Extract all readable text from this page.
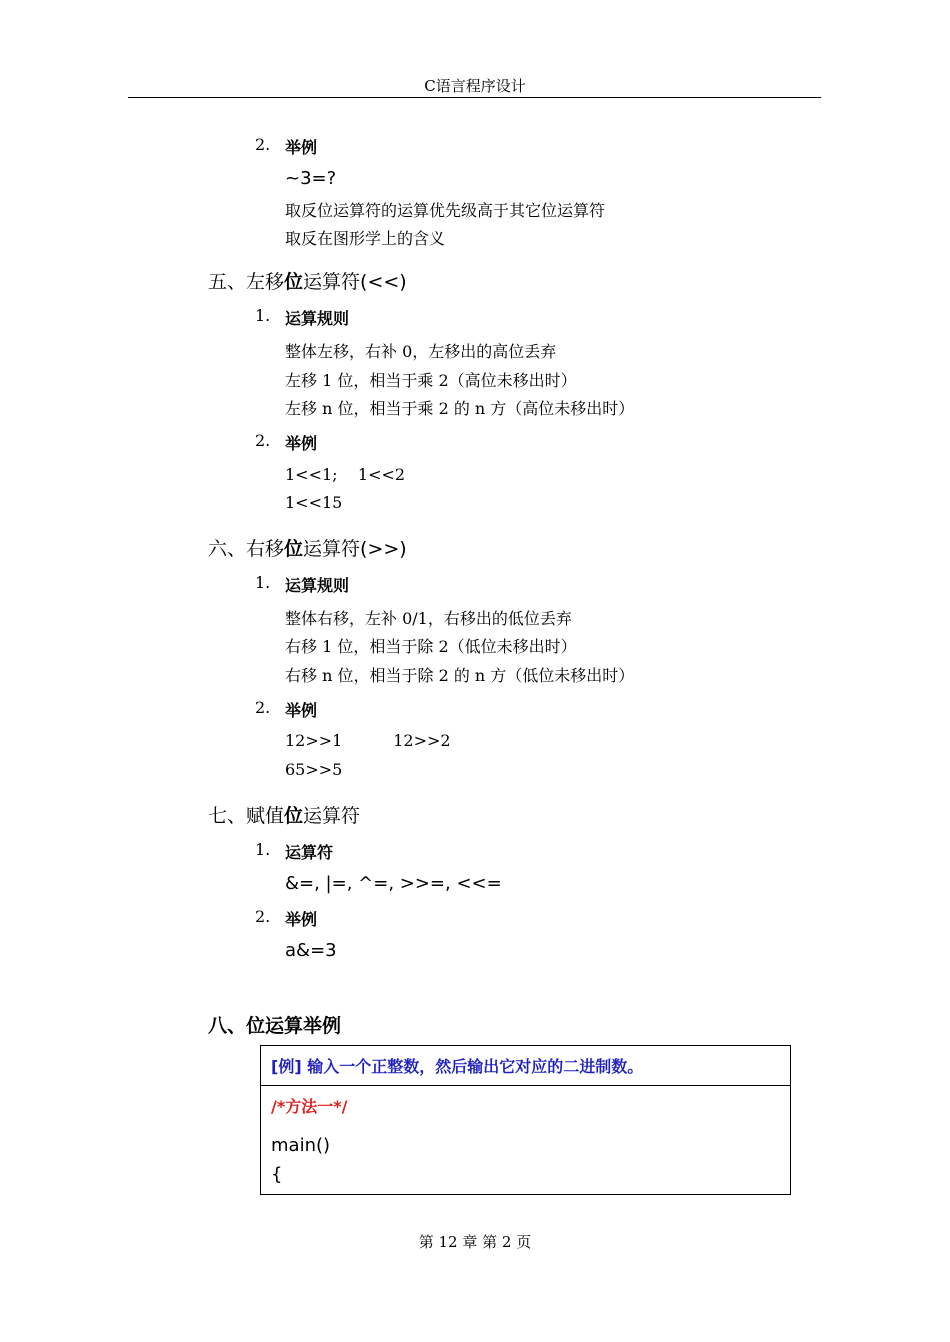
C语言程序设计
2. 举例
~3=?
取反位运算符的运算优先级高于其它位运算符
取反在图形学上的含义
五、左移位运算符(<<)
1. 运算规则
整体左移，右补 0，左移出的高位丢弃
左移 1 位，相当于乘 2（高位未移出时）
左移 n 位，相当于乘 2 的 n 方（高位未移出时）
2. 举例
1<<1;    1<<2
1<<15
六、右移位运算符(>>)
1. 运算规则
整体右移，左补 0/1，右移出的低位丢弃
右移 1 位，相当于除 2（低位未移出时）
右移 n 位，相当于除 2 的 n 方（低位未移出时）
2. 举例
12>>1          12>>2
65>>5
七、赋值位运算符
1. 运算符
&=, |=, ^=, >>=, <<=
2. 举例
a&=3
八、位运算举例
[例] 输入一个正整数，然后输出它对应的二进制数。
/*方法一*/
main()
{
第 12 章 第 2 页
